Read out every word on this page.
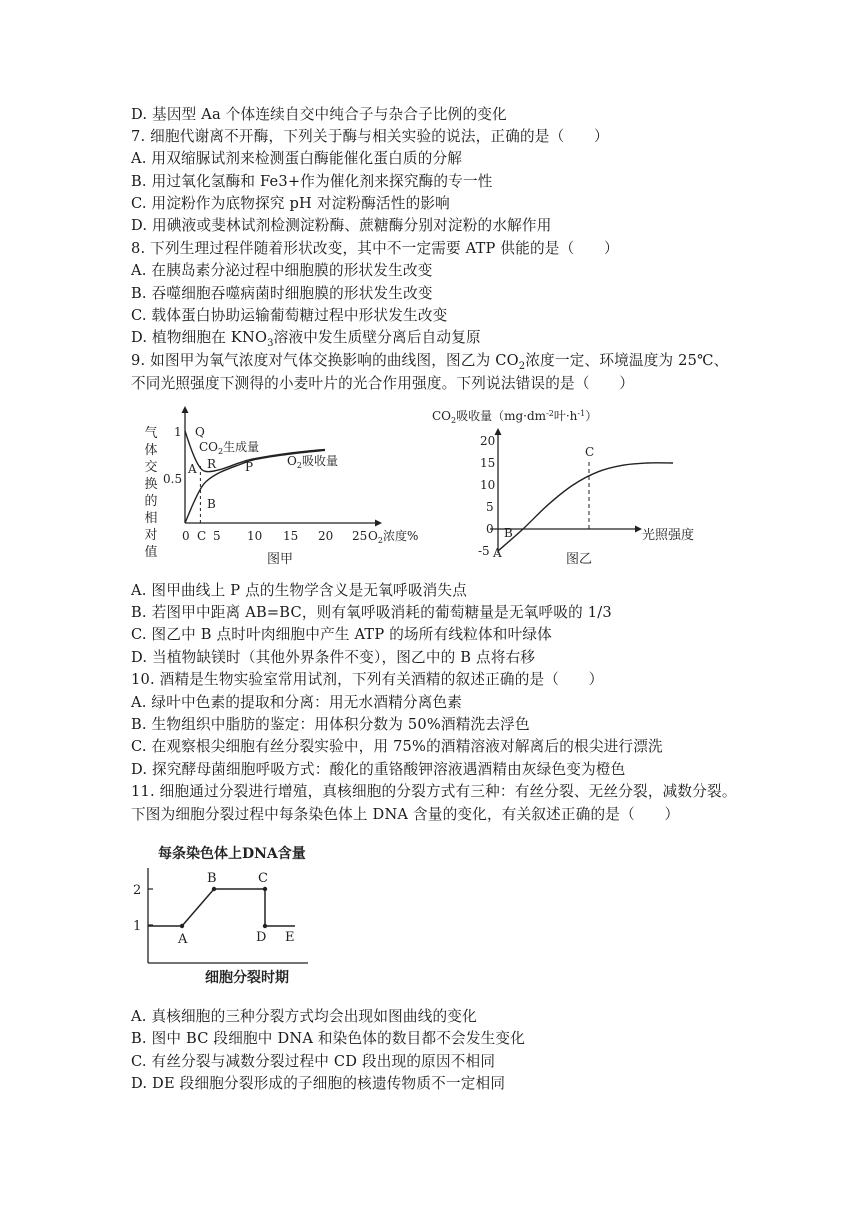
D. 基因型 Aa 个体连续自交中纯合子与杂合子比例的变化
7. 细胞代谢离不开酶，下列关于酶与相关实验的说法，正确的是（　　）
A. 用双缩脲试剂来检测蛋白酶能催化蛋白质的分解
B. 用过氧化氢酶和 Fe3+作为催化剂来探究酶的专一性
C. 用淀粉作为底物探究 pH 对淀粉酶活性的影响
D. 用碘液或斐林试剂检测淀粉酶、蔗糖酶分别对淀粉的水解作用
8. 下列生理过程伴随着形状改变，其中不一定需要 ATP 供能的是（　　）
A. 在胰岛素分泌过程中细胞膜的形状发生改变
B. 吞噬细胞吞噬病菌时细胞膜的形状发生改变
C. 载体蛋白协助运输葡萄糖过程中形状发生改变
D. 植物细胞在 $KNO_3$溶液中发生质壁分离后自动复原
9. 如图甲为氧气浓度对气体交换影响的曲线图，图乙为 $CO_2$浓度一定、环境温度为 25℃、
不同光照强度下测得的小麦叶片的光合作用强度。下列说法错误的是（　　）
气
体
交
换
的
相
对
值
1
0.5
Q
$CO_2$生成量
A R P
B
$O_2$吸收量
0 C 5 10 15 20 25 $O_2$浓度%
图甲
$CO_2$吸收量（$mg\cdot dm^{-2}$叶$\cdot h^{-1}$）
光照强度
20
15
10
5
0
-5 A
B
C
图乙
A. 图甲曲线上 P 点的生物学含义是无氧呼吸消失点
B. 若图甲中距离 AB=BC，则有氧呼吸消耗的葡萄糖量是无氧呼吸的 1/3
C. 图乙中 B 点时叶肉细胞中产生 ATP 的场所有线粒体和叶绿体
D. 当植物缺镁时（其他外界条件不变），图乙中的 B 点将右移
10. 酒精是生物实验室常用试剂，下列有关酒精的叙述正确的是（　　）
A. 绿叶中色素的提取和分离：用无水酒精分离色素
B. 生物组织中脂肪的鉴定：用体积分数为 50%酒精洗去浮色
C. 在观察根尖细胞有丝分裂实验中，用 75%的酒精溶液对解离后的根尖进行漂洗
D. 探究酵母菌细胞呼吸方式：酸化的重铬酸钾溶液遇酒精由灰绿色变为橙色
11. 细胞通过分裂进行增殖，真核细胞的分裂方式有三种：有丝分裂、无丝分裂，减数分裂。
下图为细胞分裂过程中每条染色体上 DNA 含量的变化，有关叙述正确的是（　　）
每条染色体上DNA含量
2
1
A
B	C
D E
细胞分裂时期
A. 真核细胞的三种分裂方式均会出现如图曲线的变化
B. 图中 BC 段细胞中 DNA 和染色体的数目都不会发生变化
C. 有丝分裂与减数分裂过程中 CD 段出现的原因不相同
D. DE 段细胞分裂形成的子细胞的核遗传物质不一定相同
